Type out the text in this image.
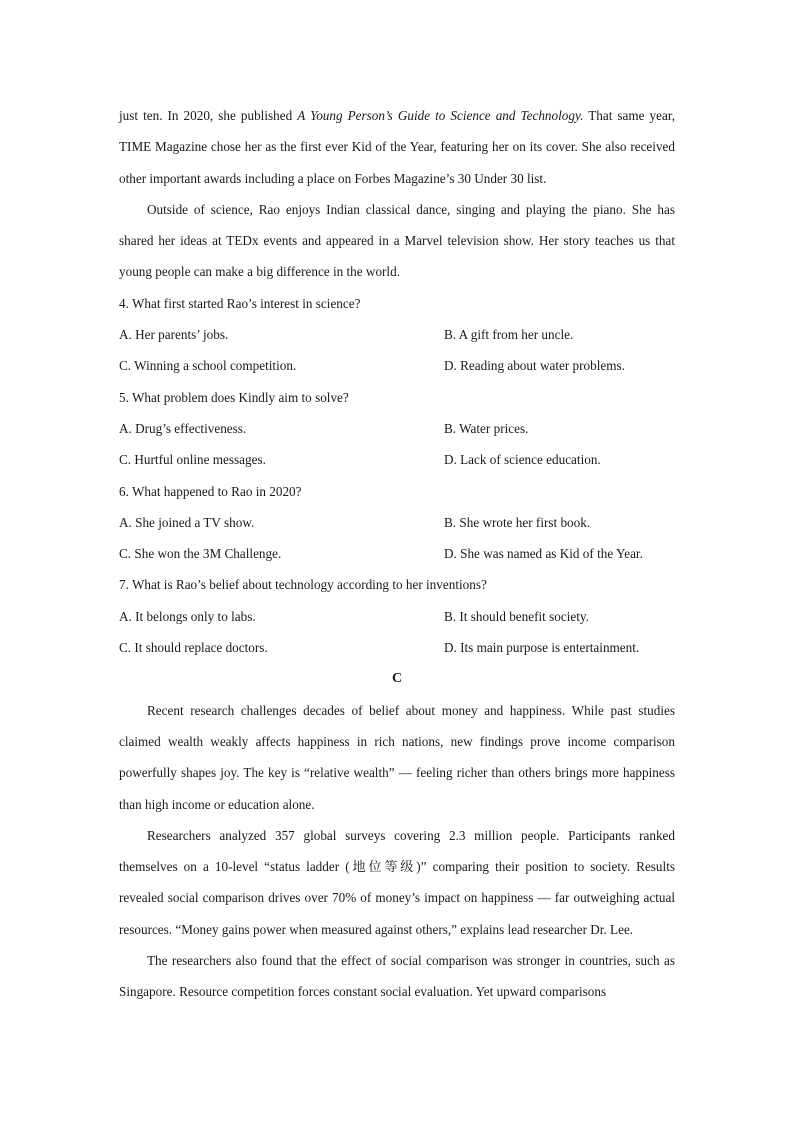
just ten. In 2020, she published A Young Person’s Guide to Science and Technology. That same year, TIME Magazine chose her as the first ever Kid of the Year, featuring her on its cover. She also received other important awards including a place on Forbes Magazine’s 30 Under 30 list.
Outside of science, Rao enjoys Indian classical dance, singing and playing the piano. She has shared her ideas at TEDx events and appeared in a Marvel television show. Her story teaches us that young people can make a big difference in the world.
4. What first started Rao’s interest in science?
A. Her parents’ jobs.	B. A gift from her uncle.
C. Winning a school competition.	D. Reading about water problems.
5. What problem does Kindly aim to solve?
A. Drug’s effectiveness.	B. Water prices.
C. Hurtful online messages.	D. Lack of science education.
6. What happened to Rao in 2020?
A. She joined a TV show.	B. She wrote her first book.
C. She won the 3M Challenge.	D. She was named as Kid of the Year.
7. What is Rao’s belief about technology according to her inventions?
A. It belongs only to labs.	B. It should benefit society.
C. It should replace doctors.	D. Its main purpose is entertainment.
C
Recent research challenges decades of belief about money and happiness. While past studies claimed wealth weakly affects happiness in rich nations, new findings prove income comparison powerfully shapes joy. The key is “relative wealth” — feeling richer than others brings more happiness than high income or education alone.
Researchers analyzed 357 global surveys covering 2.3 million people. Participants ranked themselves on a 10-level “status ladder (地位等级)” comparing their position to society. Results revealed social comparison drives over 70% of money’s impact on happiness — far outweighing actual resources. “Money gains power when measured against others,” explains lead researcher Dr. Lee.
The researchers also found that the effect of social comparison was stronger in countries, such as Singapore. Resource competition forces constant social evaluation. Yet upward comparisons
